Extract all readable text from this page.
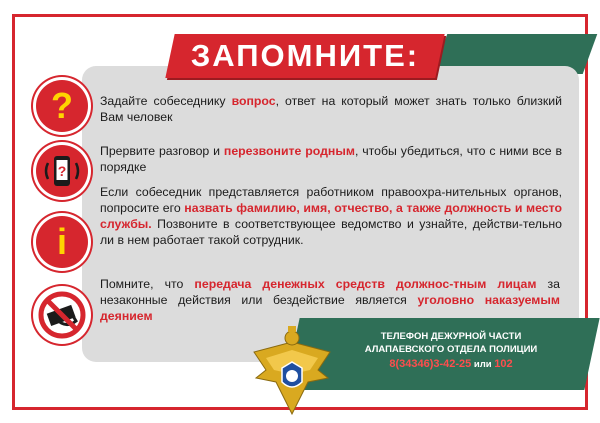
ЗАПОМНИТЕ:
?
?
i
Задайте собеседнику вопрос, ответ на который может знать только близкий Вам человек
Прервите разговор и перезвоните родным, чтобы убедиться, что с ними все в порядке
Если собеседник представляется работником правоохра-нительных органов, попросите его назвать фамилию, имя, отчество, а также должность и место службы. Позвоните в соответствующее ведомство и узнайте, действи-тельно ли в нем работает такой сотрудник.
Помните, что передача денежных средств должнос-тным лицам за незаконные действия или бездействие является уголовно наказуемым деянием
ТЕЛЕФОН ДЕЖУРНОЙ ЧАСТИ
АЛАПАЕВСКОГО ОТДЕЛА ПОЛИЦИИ
8(34346)3-42-25 или 102
